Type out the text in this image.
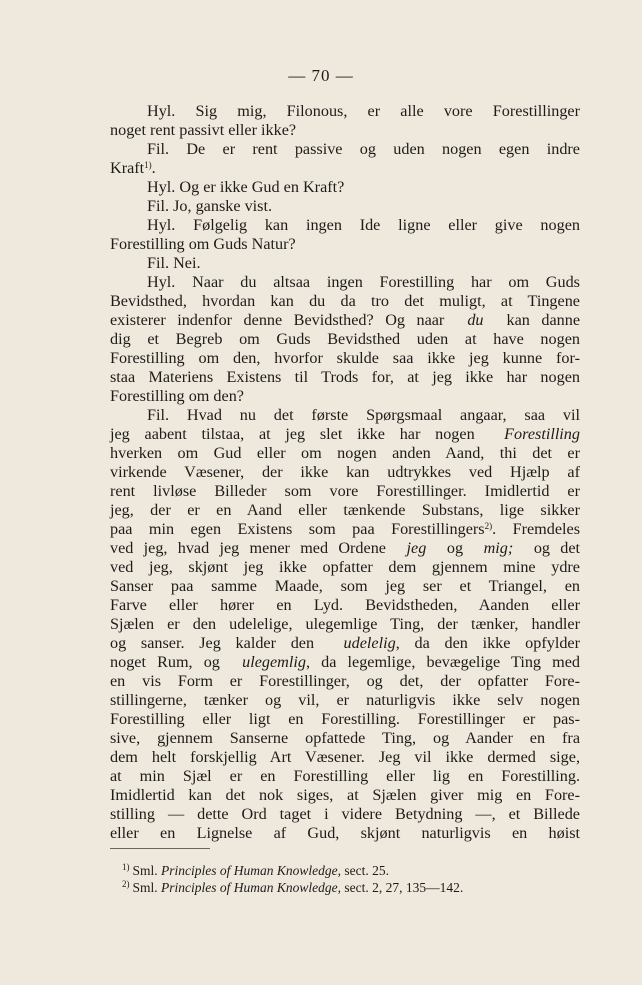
— 70 —
Hyl. Sig mig, Filonous, er alle vore Forestillinger
noget rent passivt eller ikke?
Fil. De er rent passive og uden nogen egen indre
Kraft$^{1)}$.
Hyl. Og er ikke Gud en Kraft?
Fil. Jo, ganske vist.
Hyl. Følgelig kan ingen Ide ligne eller give nogen
Forestilling om Guds Natur?
Fil. Nei.
Hyl. Naar du altsaa ingen Forestilling har om Guds
Bevidsthed, hvordan kan du da tro det muligt, at Tingene
existerer indenfor denne Bevidsthed? Og naar du kan danne
dig et Begreb om Guds Bevidsthed uden at have nogen
Forestilling om den, hvorfor skulde saa ikke jeg kunne for-
staa Materiens Existens til Trods for, at jeg ikke har nogen
Forestilling om den?
Fil. Hvad nu det første Spørgsmaal angaar, saa vil
jeg aabent tilstaa, at jeg slet ikke har nogen Forestilling
hverken om Gud eller om nogen anden Aand, thi det er
virkende Væsener, der ikke kan udtrykkes ved Hjælp af
rent livløse Billeder som vore Forestillinger. Imidlertid er
jeg, der er en Aand eller tænkende Substans, lige sikker
paa min egen Existens som paa Forestillingers$^{2)}$. Fremdeles
ved jeg, hvad jeg mener med Ordene jeg og mig; og det
ved jeg, skjønt jeg ikke opfatter dem gjennem mine ydre
Sanser paa samme Maade, som jeg ser et Triangel, en
Farve eller hører en Lyd. Bevidstheden, Aanden eller
Sjælen er den udelelige, ulegemlige Ting, der tænker, handler
og sanser. Jeg kalder den udelelig, da den ikke opfylder
noget Rum, og ulegemlig, da legemlige, bevægelige Ting med
en vis Form er Forestillinger, og det, der opfatter Fore-
stillingerne, tænker og vil, er naturligvis ikke selv nogen
Forestilling eller ligt en Forestilling. Forestillinger er pas-
sive, gjennem Sanserne opfattede Ting, og Aander en fra
dem helt forskjellig Art Væsener. Jeg vil ikke dermed sige,
at min Sjæl er en Forestilling eller lig en Forestilling.
Imidlertid kan det nok siges, at Sjælen giver mig en Fore-
stilling — dette Ord taget i videre Betydning —, et Billede
eller en Lignelse af Gud, skjønt naturligvis en høist
$^{1)}$ Sml. Principles of Human Knowledge, sect. 25.
$^{2)}$ Sml. Principles of Human Knowledge, sect. 2, 27, 135—142.
